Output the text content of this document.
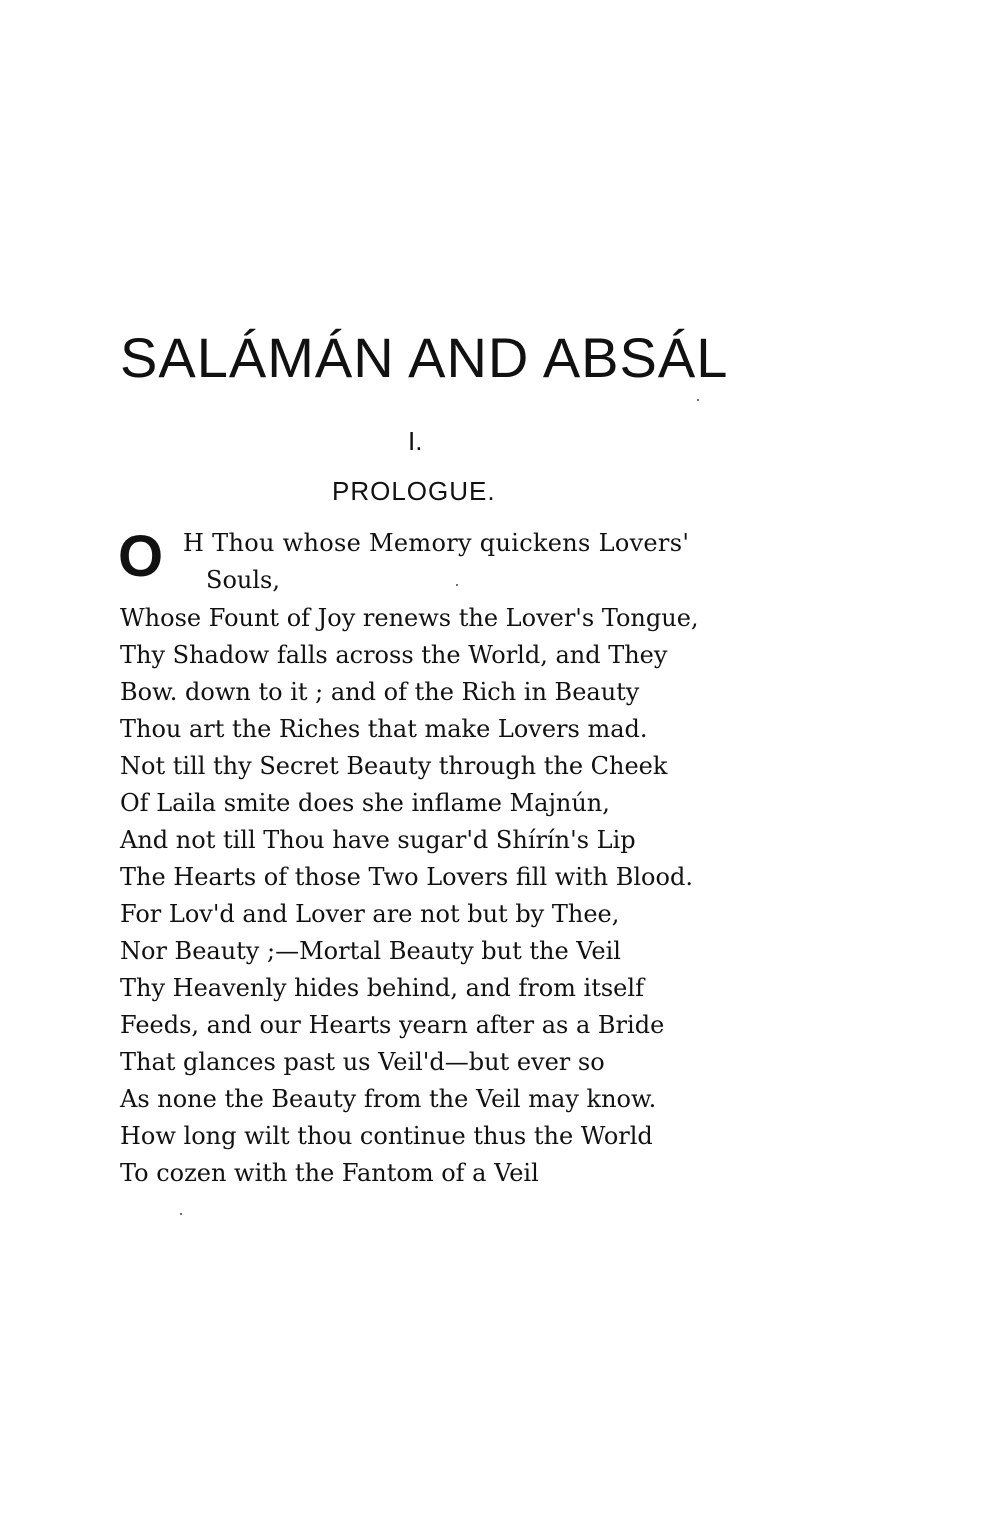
SALÁMÁN AND ABSÁL
I.
PROLOGUE.
O H Thou whose Memory quickens Lovers'
Souls,
Whose Fount of Joy renews the Lover's Tongue,
Thy Shadow falls across the World, and They
Bow. down to it ; and of the Rich in Beauty
Thou art the Riches that make Lovers mad.
Not till thy Secret Beauty through the Cheek
Of Laila smite does she inflame Majnún,
And not till Thou have sugar'd Shírín's Lip
The Hearts of those Two Lovers fill with Blood.
For Lov'd and Lover are not but by Thee,
Nor Beauty ;—Mortal Beauty but the Veil
Thy Heavenly hides behind, and from itself
Feeds, and our Hearts yearn after as a Bride
That glances past us Veil'd—but ever so
As none the Beauty from the Veil may know.
How long wilt thou continue thus the World
To cozen with the Fantom of a Veil
